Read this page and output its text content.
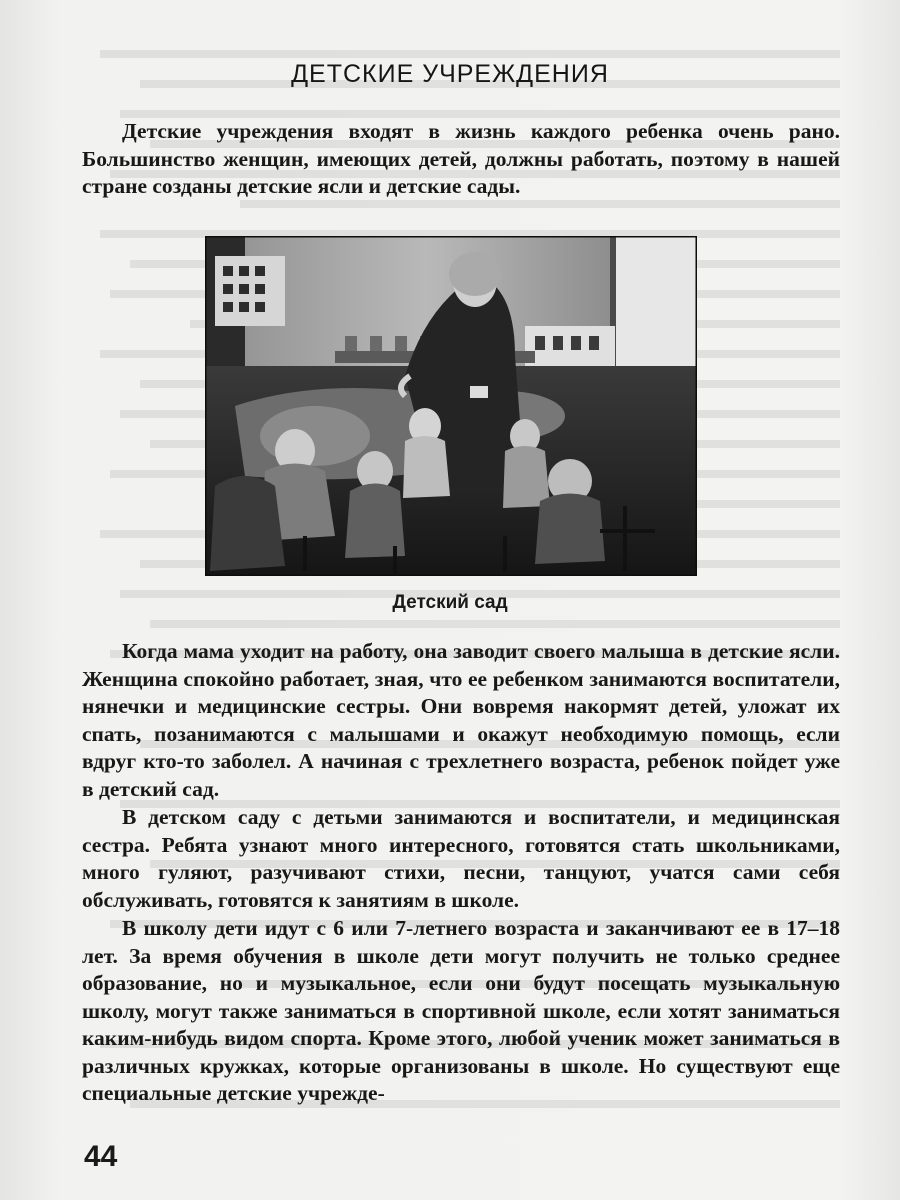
ДЕТСКИЕ УЧРЕЖДЕНИЯ

Детские учреждения входят в жизнь каждого ребенка очень рано. Большинство женщин, имеющих детей, должны работать, поэтому в нашей стране созданы детские ясли и детские сады.

Детский сад

Когда мама уходит на работу, она заводит своего малыша в детские ясли. Женщина спокойно работает, зная, что ее ребенком занимаются воспитатели, нянечки и медицинские сестры. Они вовремя накормят детей, уложат их спать, позанимаются с малышами и окажут необходимую помощь, если вдруг кто-то заболел. А начиная с трехлетнего возраста, ребенок пойдет уже в детский сад.

В детском саду с детьми занимаются и воспитатели, и медицинская сестра. Ребята узнают много интересного, готовятся стать школьниками, много гуляют, разучивают стихи, песни, танцуют, учатся сами себя обслуживать, готовятся к занятиям в школе.

В школу дети идут с 6 или 7-летнего возраста и заканчивают ее в 17–18 лет. За время обучения в школе дети могут получить не только среднее образование, но и музыкальное, если они будут посещать музыкальную школу, могут также заниматься в спортивной школе, если хотят заниматься каким-нибудь видом спорта. Кроме этого, любой ученик может заниматься в различных кружках, которые организованы в школе. Но существуют еще специальные детские учрежде-

44
